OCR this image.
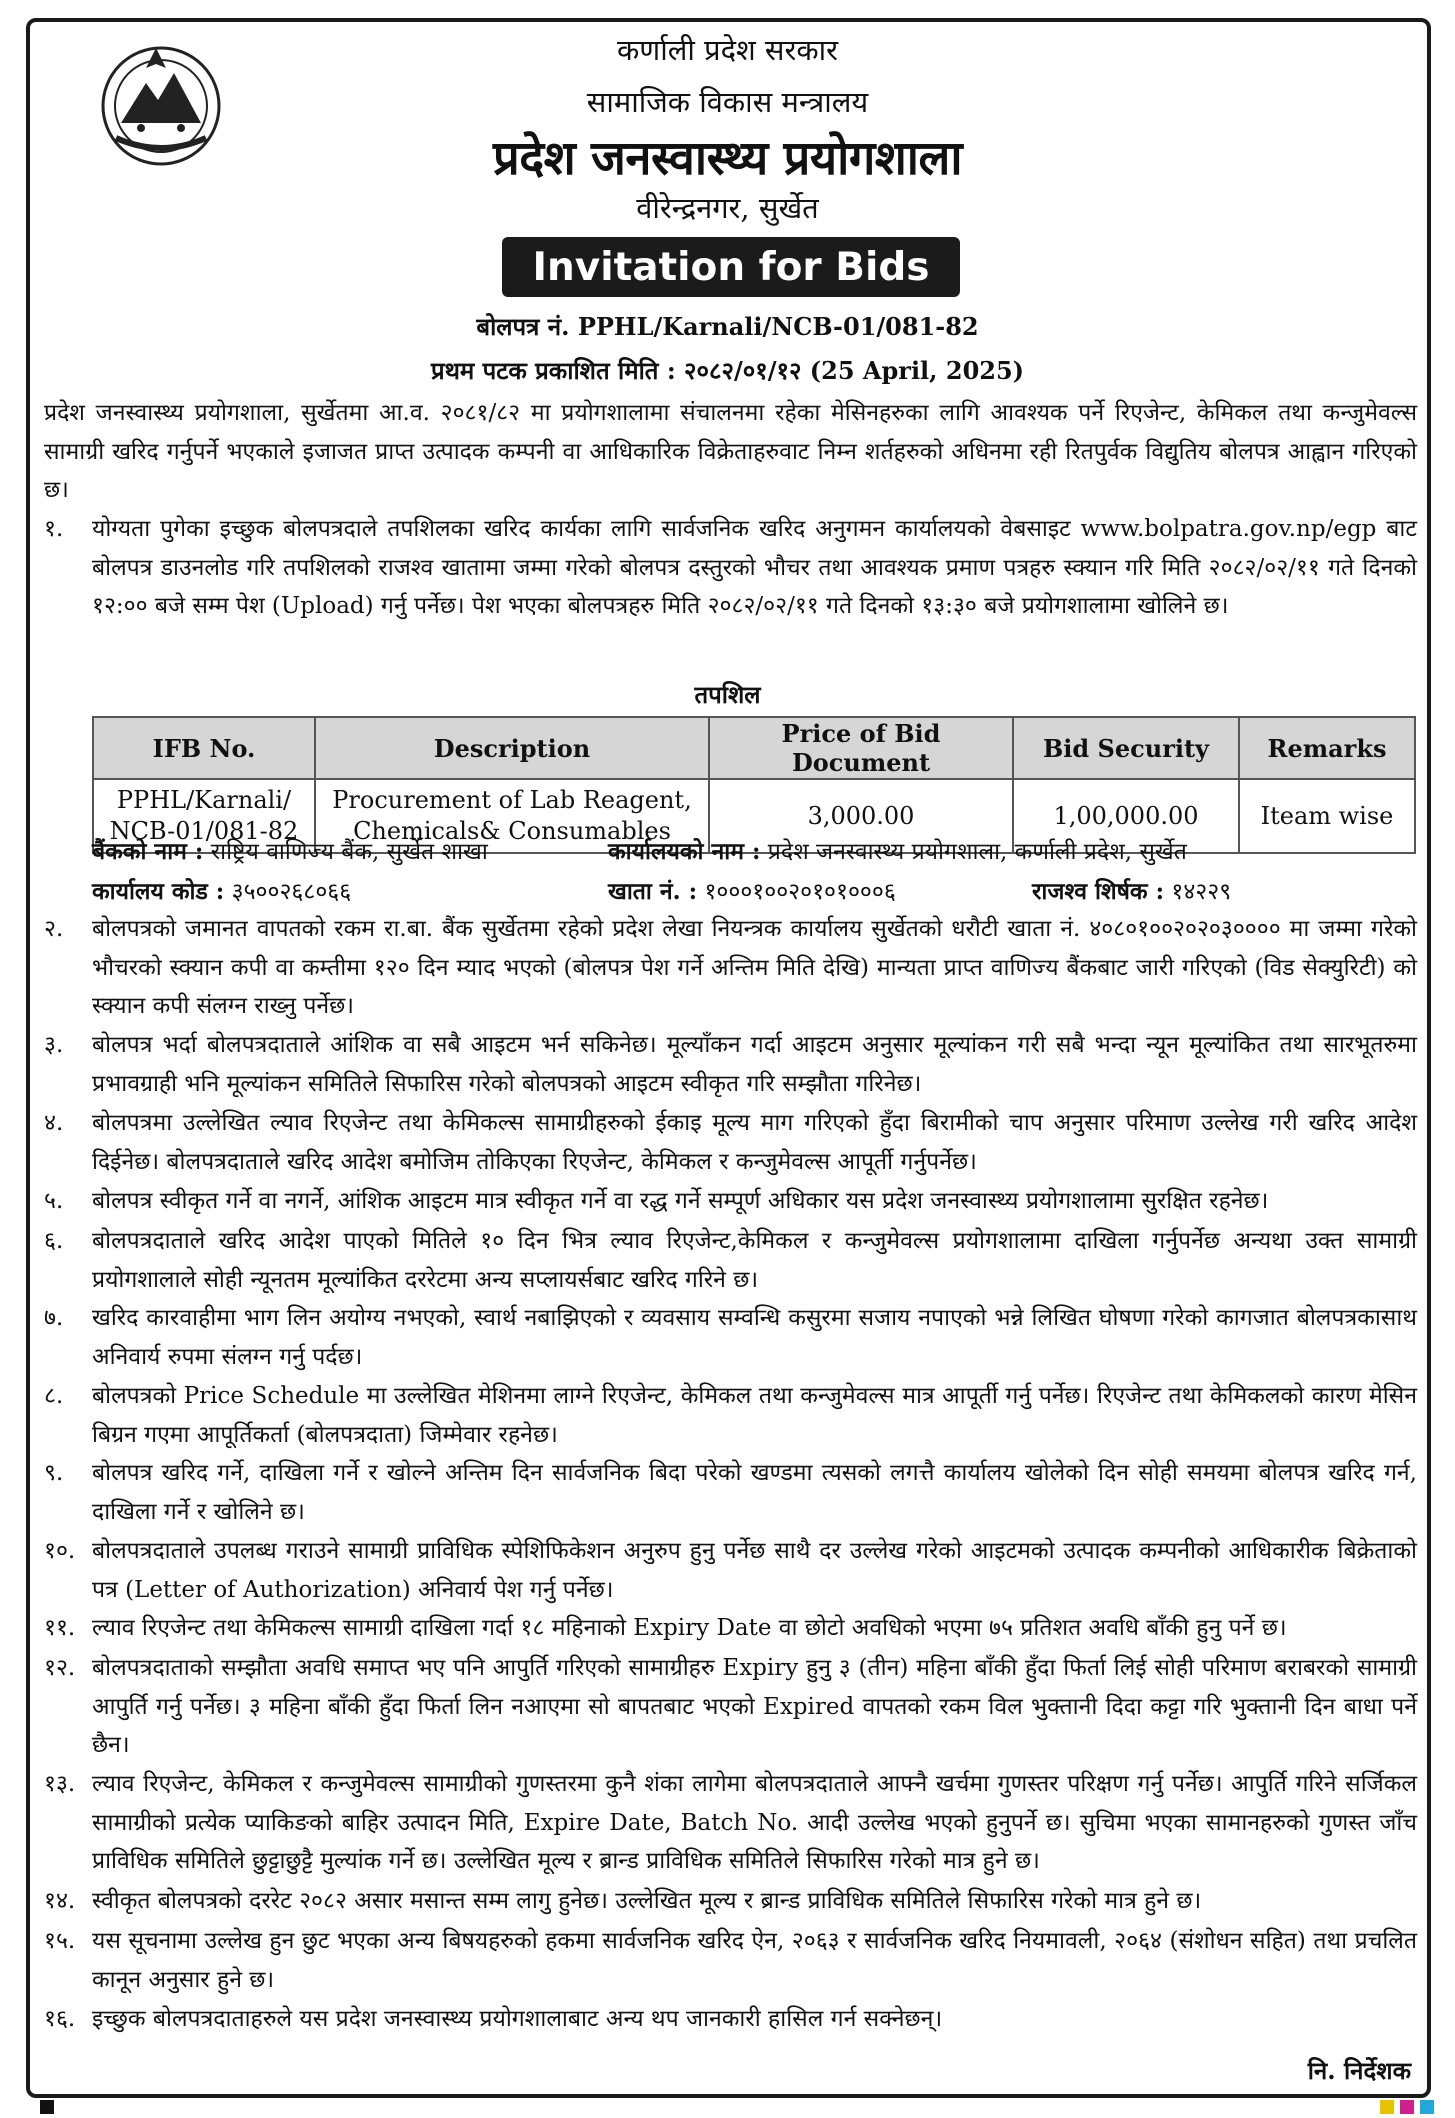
कर्णाली प्रदेश सरकार
सामाजिक विकास मन्त्रालय
प्रदेश जनस्वास्थ्य प्रयोगशाला
वीरेन्द्रनगर, सुर्खेत
Invitation for Bids
बोलपत्र नं. PPHL/Karnali/NCB-01/081-82
प्रथम पटक प्रकाशित मिति : २०८२/०१/१२ (25 April, 2025)
प्रदेश जनस्वास्थ्य प्रयोगशाला, सुर्खेतमा आ.व. २०८१/८२ मा प्रयोगशालामा संचालनमा रहेका मेसिनहरुका लागि आवश्यक पर्ने रिएजेन्ट, केमिकल तथा कन्जुमेवल्स सामाग्री खरिद गर्नुपर्ने भएकाले इजाजत प्राप्त उत्पादक कम्पनी वा आधिकारिक विक्रेताहरुवाट निम्न शर्तहरुको अधिनमा रही रितपुर्वक विद्युतिय बोलपत्र आह्वान गरिएको छ।
१. योग्यता पुगेका इच्छुक बोलपत्रदाले तपशिलका खरिद कार्यका लागि सार्वजनिक खरिद अनुगमन कार्यालयको वेबसाइट www.bolpatra.gov.np/egp बाट बोलपत्र डाउनलोड गरि तपशिलको राजश्व खातामा जम्मा गरेको बोलपत्र दस्तुरको भौचर तथा आवश्यक प्रमाण पत्रहरु स्क्यान गरि मिति २०८२/०२/११ गते दिनको १२:०० बजे सम्म पेश (Upload) गर्नु पर्नेछ। पेश भएका बोलपत्रहरु मिति २०८२/०२/११ गते दिनको १३:३० बजे प्रयोगशालामा खोलिने छ।
तपशिल
IFB No.	Description	Price of Bid Document	Bid Security	Remarks
PPHL/Karnali/ NCB-01/081-82	Procurement of Lab Reagent, Chemicals& Consumables	3,000.00	1,00,000.00	Iteam wise
बैंकको नाम : राष्ट्रिय वाणिज्य बैंक, सुर्खेत शाखा	कार्यालयको नाम : प्रदेश जनस्वास्थ्य प्रयोगशाला, कर्णाली प्रदेश, सुर्खेत
कार्यालय कोड : ३५००२६८०६६	खाता नं. : १०००१००२०१०१०००६	राजश्व शिर्षक : १४२२९
२. बोलपत्रको जमानत वापतको रकम रा.बा. बैंक सुर्खेतमा रहेको प्रदेश लेखा नियन्त्रक कार्यालय सुर्खेतको धरौटी खाता नं. ४०८०१००२०२०३०००० मा जम्मा गरेको भौचरको स्क्यान कपी वा कम्तीमा १२० दिन म्याद भएको (बोलपत्र पेश गर्ने अन्तिम मिति देखि) मान्यता प्राप्त वाणिज्य बैंकबाट जारी गरिएको (विड सेक्युरिटी) को स्क्यान कपी संलग्न राख्नु पर्नेछ।
३. बोलपत्र भर्दा बोलपत्रदाताले आंशिक वा सबै आइटम भर्न सकिनेछ। मूल्याँकन गर्दा आइटम अनुसार मूल्यांकन गरी सबै भन्दा न्यून मूल्यांकित तथा सारभूतरुमा प्रभावग्राही भनि मूल्यांकन समितिले सिफारिस गरेको बोलपत्रको आइटम स्वीकृत गरि सम्झौता गरिनेछ।
४. बोलपत्रमा उल्लेखित ल्याव रिएजेन्ट तथा केमिकल्स सामाग्रीहरुको ईकाइ मूल्य माग गरिएको हुँदा बिरामीको चाप अनुसार परिमाण उल्लेख गरी खरिद आदेश दिईनेछ। बोलपत्रदाताले खरिद आदेश बमोजिम तोकिएका रिएजेन्ट, केमिकल र कन्जुमेवल्स आपूर्ती गर्नुपर्नेछ।
५. बोलपत्र स्वीकृत गर्ने वा नगर्ने, आंशिक आइटम मात्र स्वीकृत गर्ने वा रद्ध गर्ने सम्पूर्ण अधिकार यस प्रदेश जनस्वास्थ्य प्रयोगशालामा सुरक्षित रहनेछ।
६. बोलपत्रदाताले खरिद आदेश पाएको मितिले १० दिन भित्र ल्याव रिएजेन्ट,केमिकल र कन्जुमेवल्स प्रयोगशालामा दाखिला गर्नुपर्नेछ अन्यथा उक्त सामाग्री प्रयोगशालाले सोही न्यूनतम मूल्यांकित दररेटमा अन्य सप्लायर्सबाट खरिद गरिने छ।
७. खरिद कारवाहीमा भाग लिन अयोग्य नभएको, स्वार्थ नबाझिएको र व्यवसाय सम्वन्धि कसुरमा सजाय नपाएको भन्ने लिखित घोषणा गरेको कागजात बोलपत्रकासाथ अनिवार्य रुपमा संलग्न गर्नु पर्दछ।
८. बोलपत्रको Price Schedule मा उल्लेखित मेशिनमा लाग्ने रिएजेन्ट, केमिकल तथा कन्जुमेवल्स मात्र आपूर्ती गर्नु पर्नेछ। रिएजेन्ट तथा केमिकलको कारण मेसिन बिग्रन गएमा आपूर्तिकर्ता (बोलपत्रदाता) जिम्मेवार रहनेछ।
९. बोलपत्र खरिद गर्ने, दाखिला गर्ने र खोल्ने अन्तिम दिन सार्वजनिक बिदा परेको खण्डमा त्यसको लगत्तै कार्यालय खोलेको दिन सोही समयमा बोलपत्र खरिद गर्न, दाखिला गर्ने र खोलिने छ।
१०. बोलपत्रदाताले उपलब्ध गराउने सामाग्री प्राविधिक स्पेशिफिकेशन अनुरुप हुनु पर्नेछ साथै दर उल्लेख गरेको आइटमको उत्पादक कम्पनीको आधिकारीक बिक्रेताको पत्र (Letter of Authorization) अनिवार्य पेश गर्नु पर्नेछ।
११. ल्याव रिएजेन्ट तथा केमिकल्स सामाग्री दाखिला गर्दा १८ महिनाको Expiry Date वा छोटो अवधिको भएमा ७५ प्रतिशत अवधि बाँकी हुनु पर्ने छ।
१२. बोलपत्रदाताको सम्झौता अवधि समाप्त भए पनि आपुर्ति गरिएको सामाग्रीहरु Expiry हुनु ३ (तीन) महिना बाँकी हुँदा फिर्ता लिई सोही परिमाण बराबरको सामाग्री आपुर्ति गर्नु पर्नेछ। ३ महिना बाँकी हुँदा फिर्ता लिन नआएमा सो बापतबाट भएको Expired वापतको रकम विल भुक्तानी दिदा कट्टा गरि भुक्तानी दिन बाधा पर्ने छैन।
१३. ल्याव रिएजेन्ट, केमिकल र कन्जुमेवल्स सामाग्रीको गुणस्तरमा कुनै शंका लागेमा बोलपत्रदाताले आफ्नै खर्चमा गुणस्तर परिक्षण गर्नु पर्नेछ। आपुर्ति गरिने सर्जिकल सामाग्रीको प्रत्येक प्याकिङको बाहिर उत्पादन मिति, Expire Date, Batch No. आदी उल्लेख भएको हुनुपर्ने छ। सुचिमा भएका सामानहरुको गुणस्त जाँच प्राविधिक समितिले छुट्टाछुट्टै मुल्यांक गर्ने छ। उल्लेखित मूल्य र ब्रान्ड प्राविधिक समितिले सिफारिस गरेको मात्र हुने छ।
१४. स्वीकृत बोलपत्रको दररेट २०८२ असार मसान्त सम्म लागु हुनेछ। उल्लेखित मूल्य र ब्रान्ड प्राविधिक समितिले सिफारिस गरेको मात्र हुने छ।
१५. यस सूचनामा उल्लेख हुन छुट भएका अन्य बिषयहरुको हकमा सार्वजनिक खरिद ऐन, २०६३ र सार्वजनिक खरिद नियमावली, २०६४ (संशोधन सहित) तथा प्रचलित कानून अनुसार हुने छ।
१६. इच्छुक बोलपत्रदाताहरुले यस प्रदेश जनस्वास्थ्य प्रयोगशालाबाट अन्य थप जानकारी हासिल गर्न सक्नेछन्।
नि. निर्देशक
